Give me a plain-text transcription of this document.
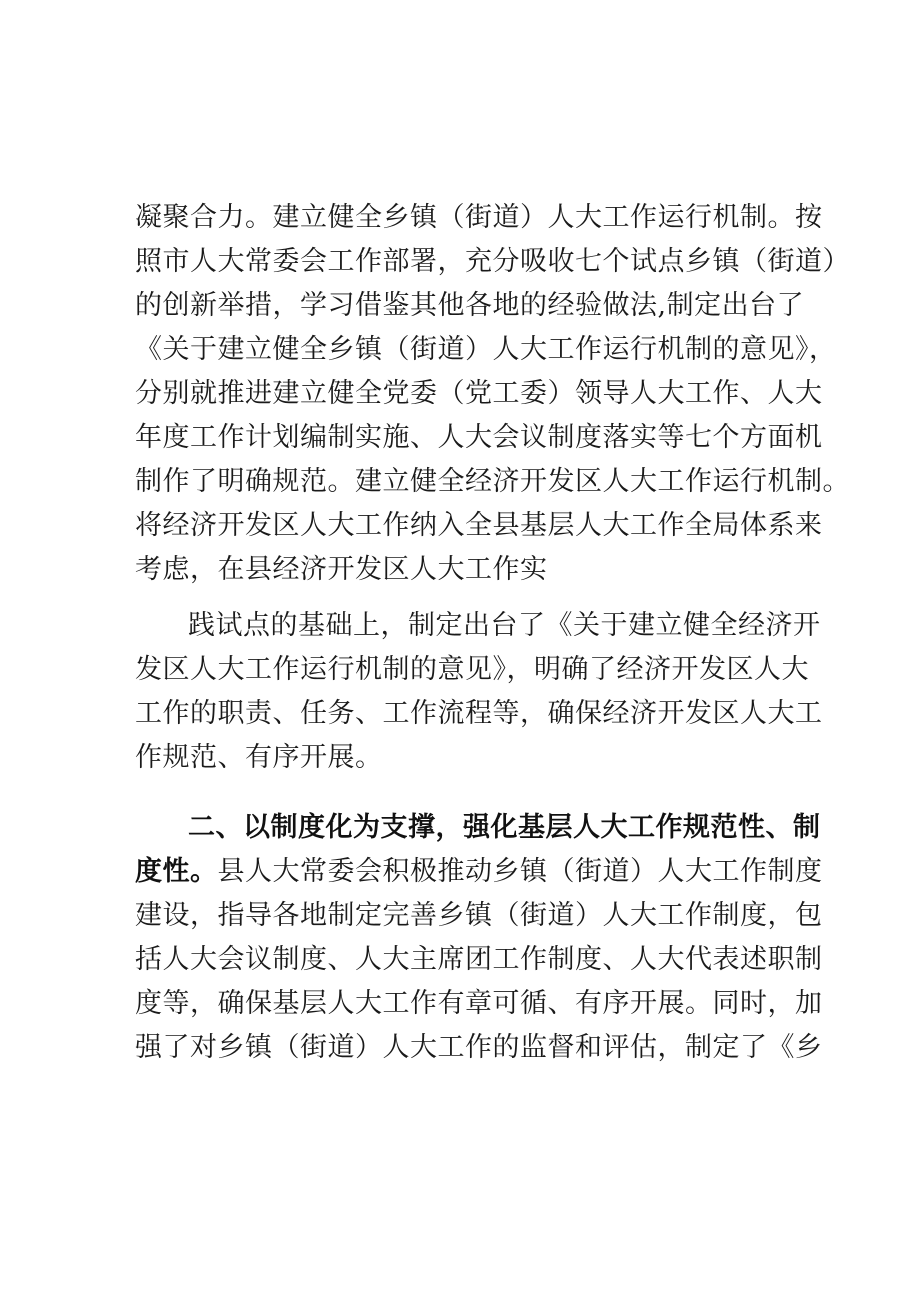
凝聚合力。建立健全乡镇（街道）人大工作运行机制。按
照市人大常委会工作部署，充分吸收七个试点乡镇（街道）
的创新举措，学习借鉴其他各地的经验做法,制定出台了
《关于建立健全乡镇（街道）人大工作运行机制的意见》，
分别就推进建立健全党委（党工委）领导人大工作、人大
年度工作计划编制实施、人大会议制度落实等七个方面机
制作了明确规范。建立健全经济开发区人大工作运行机制。
将经济开发区人大工作纳入全县基层人大工作全局体系来
考虑，在县经济开发区人大工作实
践试点的基础上，制定出台了《关于建立健全经济开
发区人大工作运行机制的意见》，明确了经济开发区人大
工作的职责、任务、工作流程等，确保经济开发区人大工
作规范、有序开展。
二、以制度化为支撑，强化基层人大工作规范性、制
度性。县人大常委会积极推动乡镇（街道）人大工作制度
建设，指导各地制定完善乡镇（街道）人大工作制度，包
括人大会议制度、人大主席团工作制度、人大代表述职制
度等，确保基层人大工作有章可循、有序开展。同时，加
强了对乡镇（街道）人大工作的监督和评估，制定了《乡
